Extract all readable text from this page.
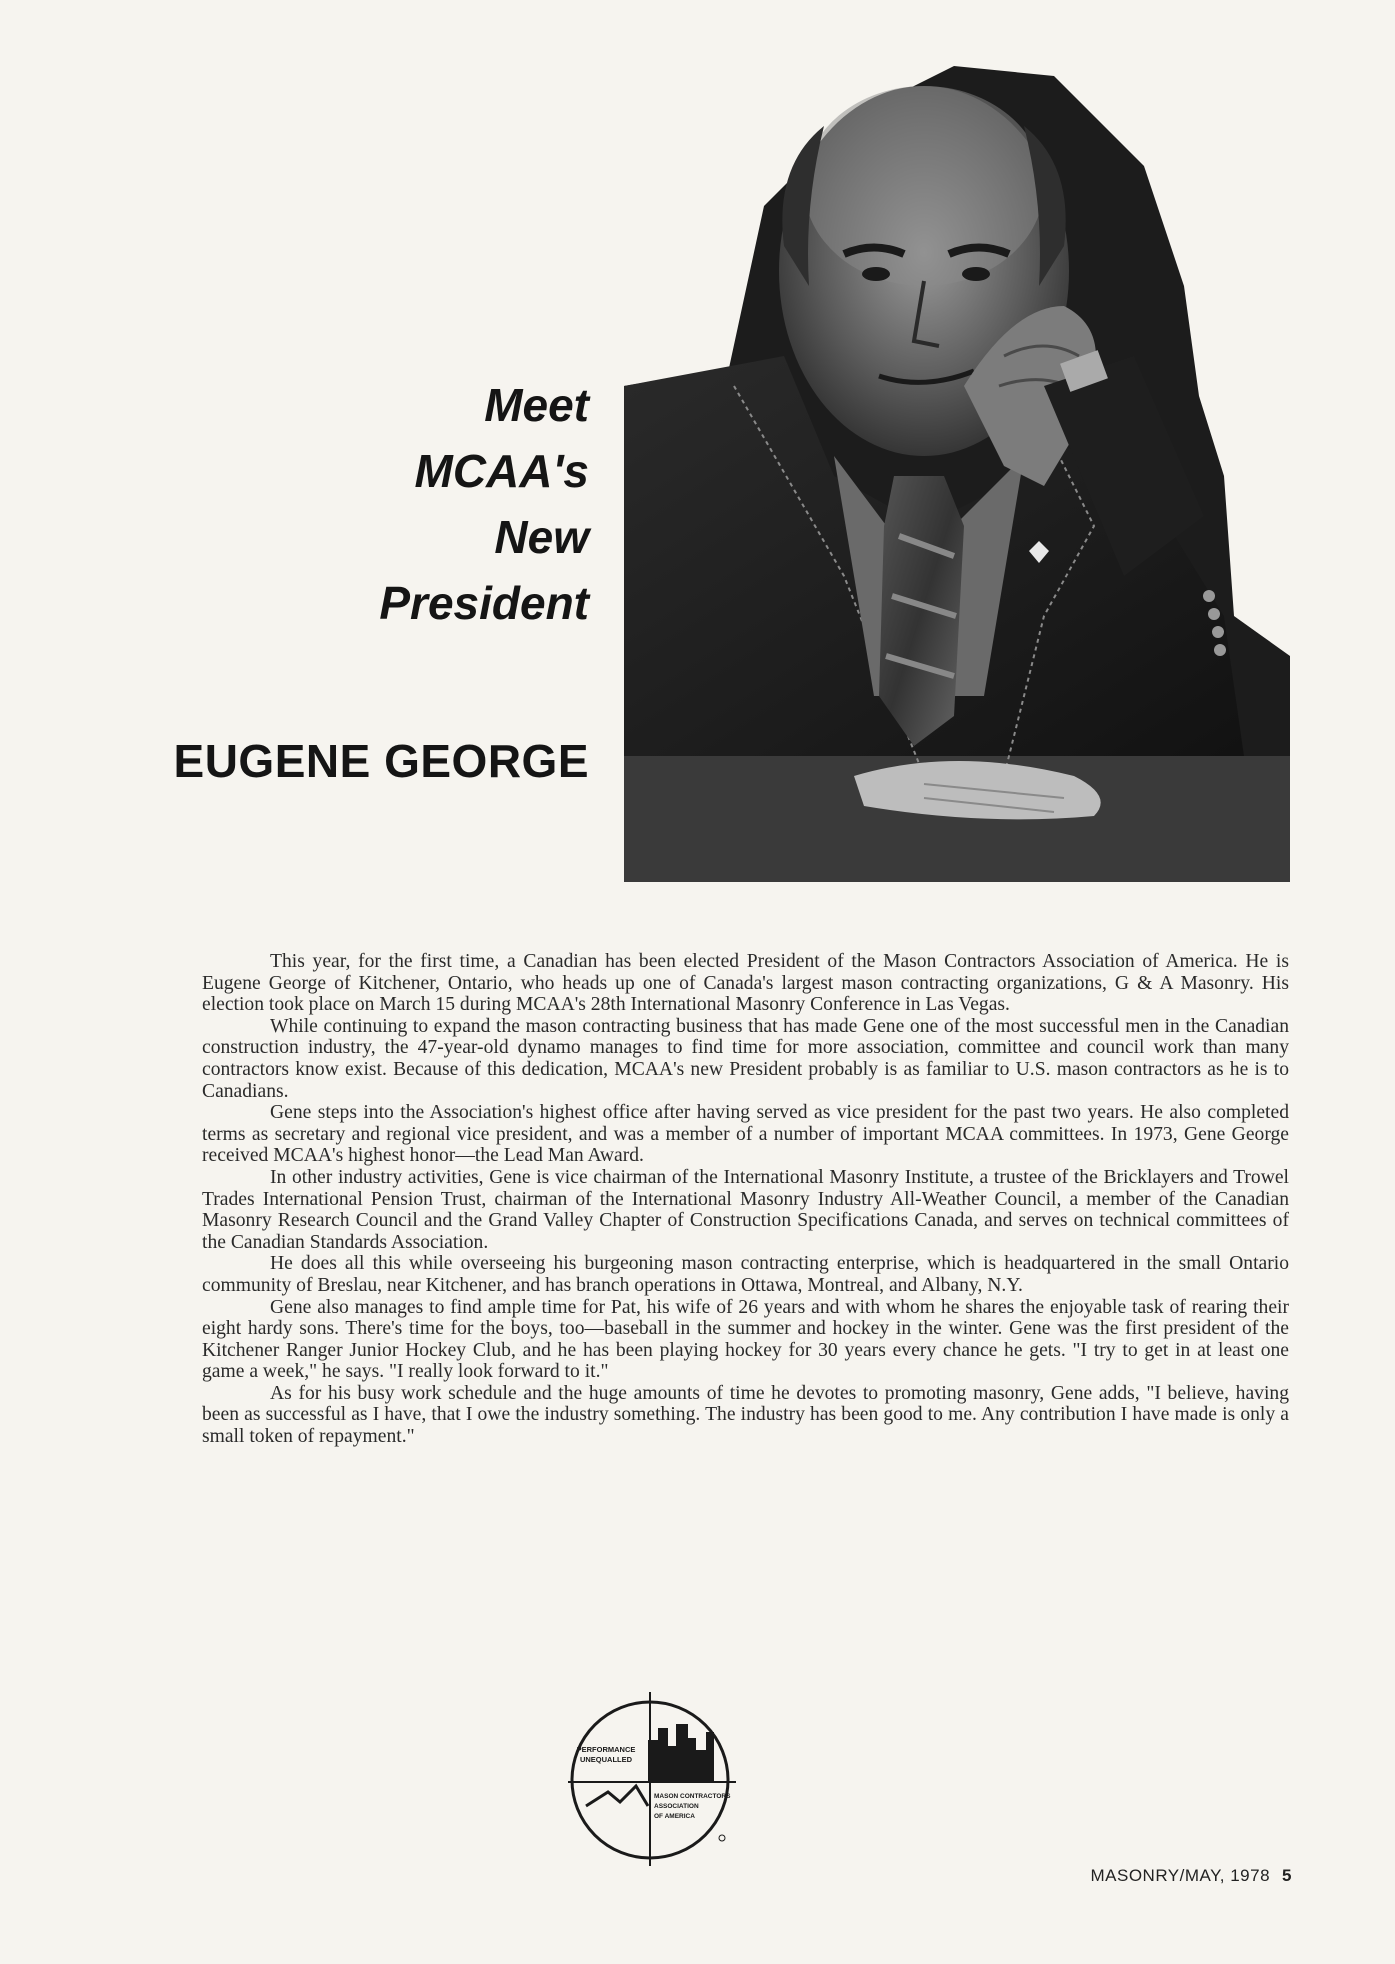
Meet
MCAA's
New
President
EUGENE GEORGE

This year, for the first time, a Canadian has been elected President of the Mason Contractors Association of America. He is Eugene George of Kitchener, Ontario, who heads up one of Canada's largest mason contracting organizations, G & A Masonry. His election took place on March 15 during MCAA's 28th International Masonry Conference in Las Vegas.

While continuing to expand the mason contracting business that has made Gene one of the most successful men in the Canadian construction industry, the 47-year-old dynamo manages to find time for more association, committee and council work than many contractors know exist. Because of this dedication, MCAA's new President probably is as familiar to U.S. mason contractors as he is to Canadians.

Gene steps into the Association's highest office after having served as vice president for the past two years. He also completed terms as secretary and regional vice president, and was a member of a number of important MCAA committees. In 1973, Gene George received MCAA's highest honor—the Lead Man Award.

In other industry activities, Gene is vice chairman of the International Masonry Institute, a trustee of the Bricklayers and Trowel Trades International Pension Trust, chairman of the International Masonry Industry All-Weather Council, a member of the Canadian Masonry Research Council and the Grand Valley Chapter of Construction Specifications Canada, and serves on technical committees of the Canadian Standards Association.

He does all this while overseeing his burgeoning mason contracting enterprise, which is headquartered in the small Ontario community of Breslau, near Kitchener, and has branch operations in Ottawa, Montreal, and Albany, N.Y.

Gene also manages to find ample time for Pat, his wife of 26 years and with whom he shares the enjoyable task of rearing their eight hardy sons. There's time for the boys, too—baseball in the summer and hockey in the winter. Gene was the first president of the Kitchener Ranger Junior Hockey Club, and he has been playing hockey for 30 years every chance he gets. "I try to get in at least one game a week," he says. "I really look forward to it."

As for his busy work schedule and the huge amounts of time he devotes to promoting masonry, Gene adds, "I believe, having been as successful as I have, that I owe the industry something. The industry has been good to me. Any contribution I have made is only a small token of repayment."

PERFORMANCE
UNEQUALLED
MASON CONTRACTORS
ASSOCIATION
OF AMERICA
MASONRY/MAY, 1978 5
